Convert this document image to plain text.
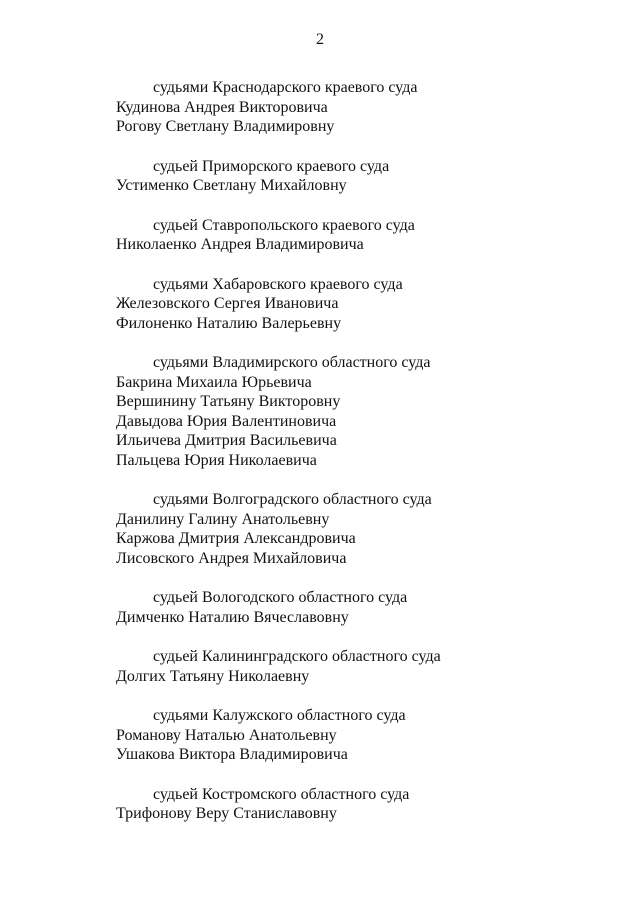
2
судьями Краснодарского краевого суда
Кудинова Андрея Викторовича
Рогову Светлану Владимировну
судьей Приморского краевого суда
Устименко Светлану Михайловну
судьей Ставропольского краевого суда
Николаенко Андрея Владимировича
судьями Хабаровского краевого суда
Железовского Сергея Ивановича
Филоненко Наталию Валерьевну
судьями Владимирского областного суда
Бакрина Михаила Юрьевича
Вершинину Татьяну Викторовну
Давыдова Юрия Валентиновича
Ильичева Дмитрия Васильевича
Пальцева Юрия Николаевича
судьями Волгоградского областного суда
Данилину Галину Анатольевну
Каржова Дмитрия Александровича
Лисовского Андрея Михайловича
судьей Вологодского областного суда
Димченко Наталию Вячеславовну
судьей Калининградского областного суда
Долгих Татьяну Николаевну
судьями Калужского областного суда
Романову Наталью Анатольевну
Ушакова Виктора Владимировича
судьей Костромского областного суда
Трифонову Веру Станиславовну
